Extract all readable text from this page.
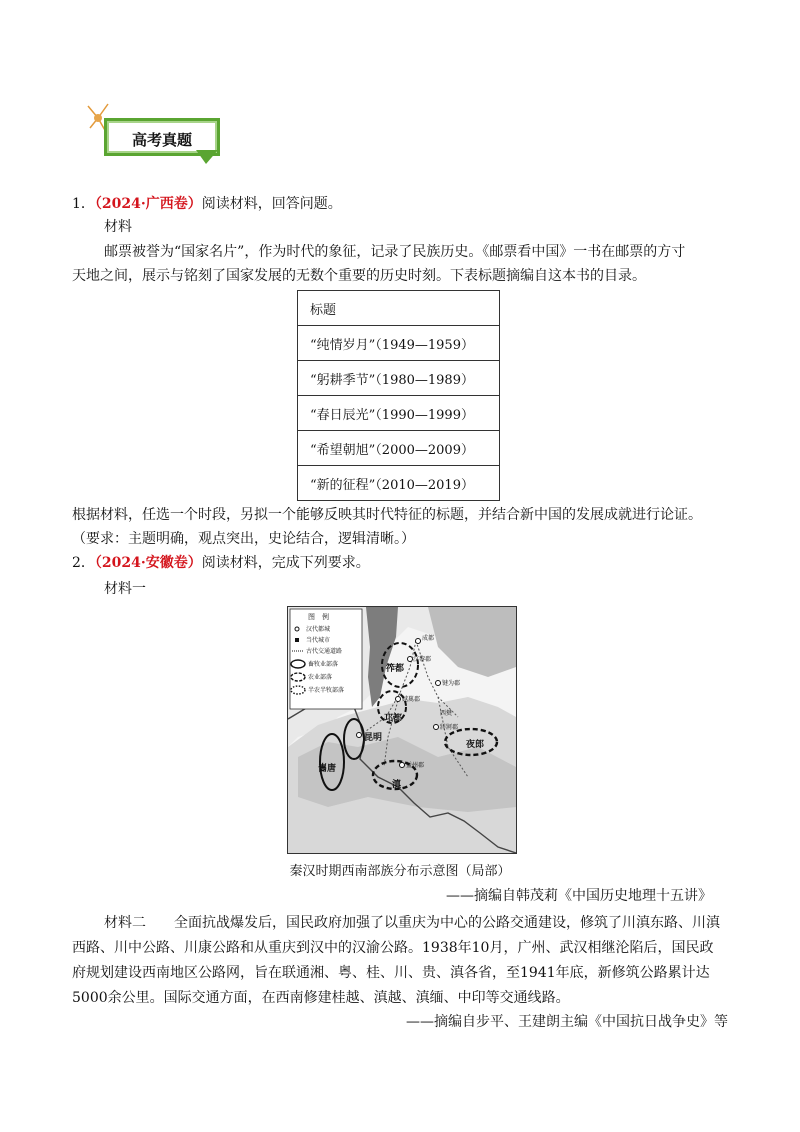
高考真题
1．（2024·广西卷）阅读材料，回答问题。
材料
邮票被誉为“国家名片”，作为时代的象征，记录了民族历史。《邮票看中国》一书在邮票的方寸
天地之间，展示与铭刻了国家发展的无数个重要的历史时刻。下表标题摘编自这本书的目录。
标题
“纯情岁月”（1949—1959）
“躬耕季节”（1980—1989）
“春日辰光”（1990—1999）
“希望朝旭”（2000—2009）
“新的征程”（2010—2019）
根据材料，任选一个时段，另拟一个能够反映其时代特征的标题，并结合新中国的发展成就进行论证。
（要求：主题明确，观点突出，史论结合，逻辑清晰。）
2．（2024·安徽卷）阅读材料，完成下列要求。
材料一
图　例
汉代都城
当代城市
古代交通道路
畜牧业部落
农业部落
半农半牧部落
成都
汶黎郡
键为郡
越嶲郡
西僰
牂牁郡
益州郡
筰都
邛都
夜郎
滇
昆明
巂唐
秦汉时期西南部族分布示意图（局部）
——摘编自韩茂莉《中国历史地理十五讲》
材料二 全面抗战爆发后，国民政府加强了以重庆为中心的公路交通建设，修筑了川滇东路、川滇
西路、川中公路、川康公路和从重庆到汉中的汉渝公路。1938年10月，广州、武汉相继沦陷后，国民政
府规划建设西南地区公路网，旨在联通湘、粤、桂、川、贵、滇各省，至1941年底，新修筑公路累计达
5000余公里。国际交通方面，在西南修建桂越、滇越、滇缅、中印等交通线路。
——摘编自步平、王建朗主编《中国抗日战争史》等
